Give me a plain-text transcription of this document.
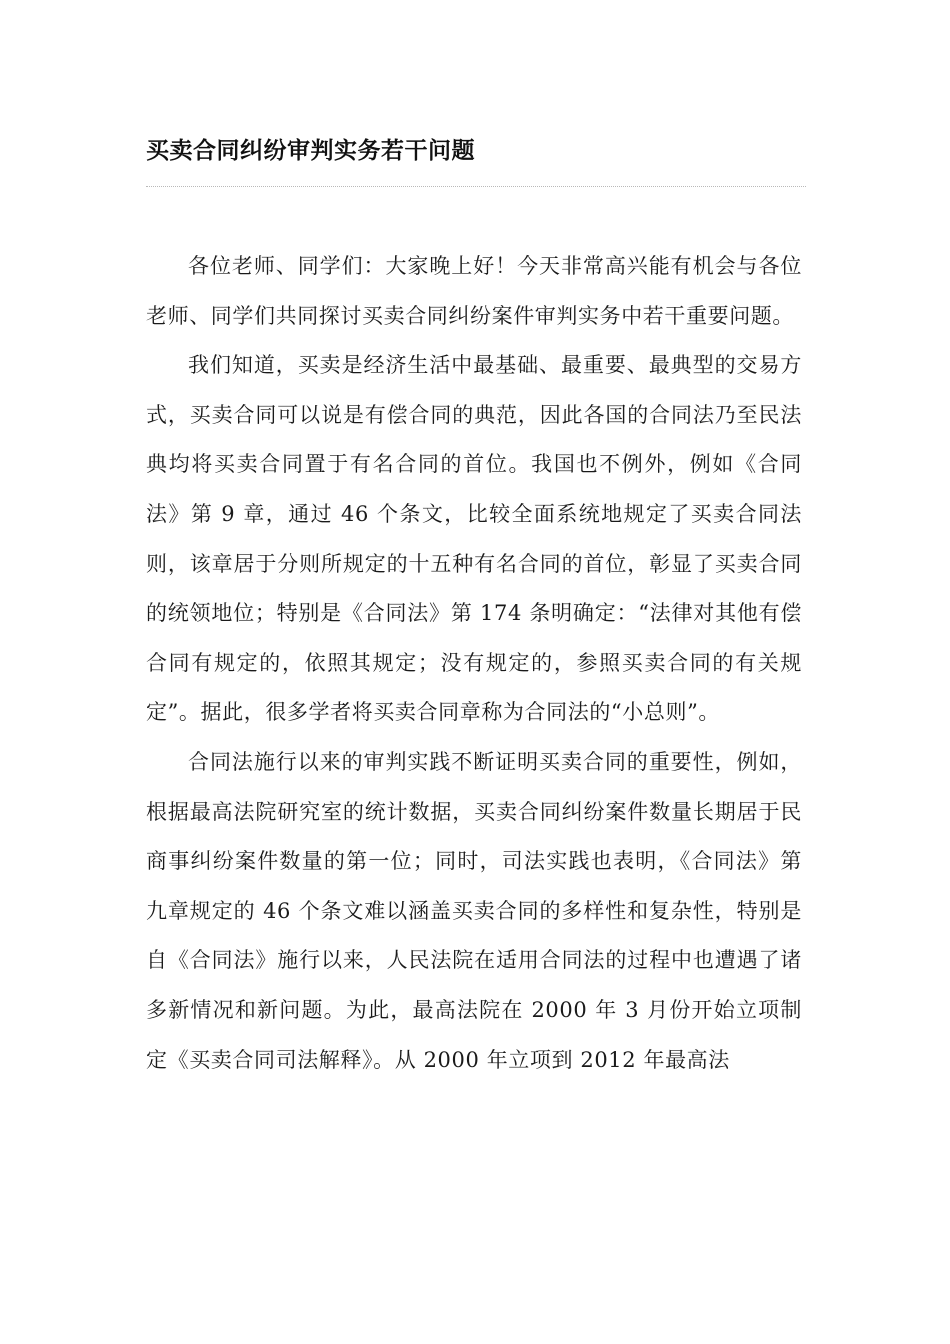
买卖合同纠纷审判实务若干问题

各位老师、同学们：大家晚上好！今天非常高兴能有机会与各位老师、同学们共同探讨买卖合同纠纷案件审判实务中若干重要问题。

我们知道，买卖是经济生活中最基础、最重要、最典型的交易方式，买卖合同可以说是有偿合同的典范，因此各国的合同法乃至民法典均将买卖合同置于有名合同的首位。我国也不例外，例如《合同法》第 9 章，通过 46 个条文，比较全面系统地规定了买卖合同法则，该章居于分则所规定的十五种有名合同的首位，彰显了买卖合同的统领地位；特别是《合同法》第 174 条明确定：“法律对其他有偿合同有规定的，依照其规定；没有规定的，参照买卖合同的有关规定”。据此，很多学者将买卖合同章称为合同法的“小总则”。

合同法施行以来的审判实践不断证明买卖合同的重要性，例如，根据最高法院研究室的统计数据，买卖合同纠纷案件数量长期居于民商事纠纷案件数量的第一位；同时，司法实践也表明，《合同法》第九章规定的 46 个条文难以涵盖买卖合同的多样性和复杂性，特别是自《合同法》施行以来，人民法院在适用合同法的过程中也遭遇了诸多新情况和新问题。为此，最高法院在 2000 年 3 月份开始立项制定《买卖合同司法解释》。从 2000 年立项到 2012 年最高法
